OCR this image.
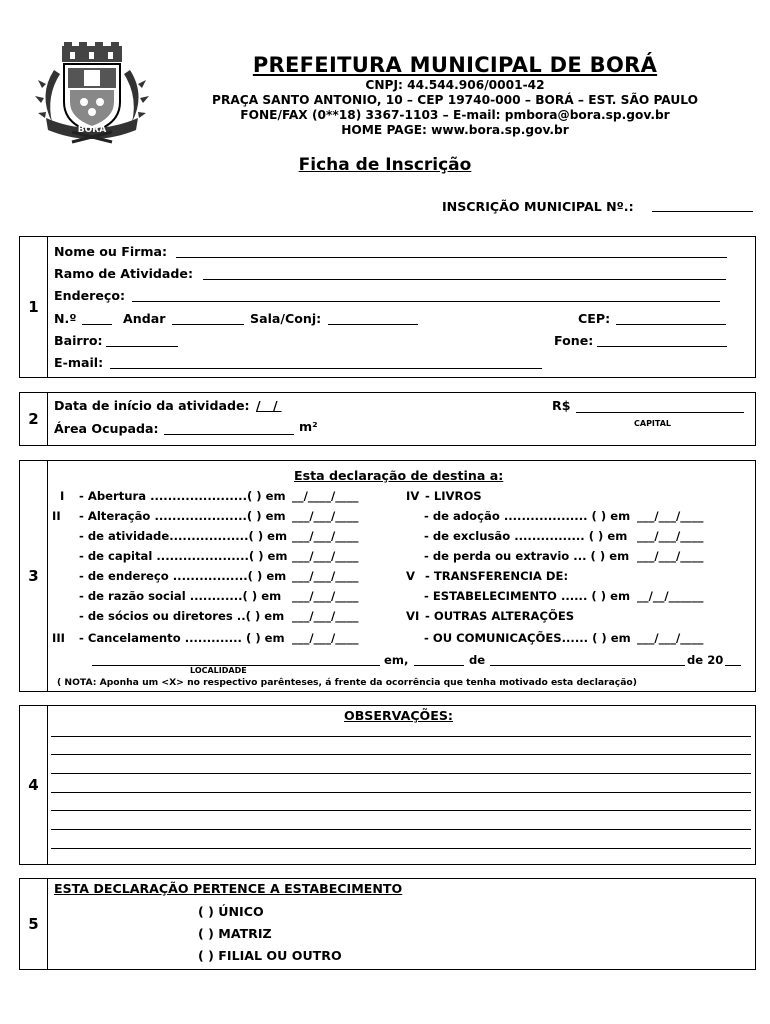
BORÁ
PREFEITURA MUNICIPAL DE BORÁ
CNPJ: 44.544.906/0001-42
PRAÇA SANTO ANTONIO, 10 – CEP 19740-000 – BORÁ – EST. SÃO PAULO
FONE/FAX (0**18) 3367-1103 – E-mail: pmbora@bora.sp.gov.br
HOME PAGE: www.bora.sp.gov.br
Ficha de Inscrição
INSCRIÇÃO MUNICIPAL Nº.:
1
Nome ou Firma:
Ramo de Atividade:
Endereço:
N.º	Andar	Sala/Conj:	CEP:
Bairro:	Fone:
E-mail:
2
Data de início da atividade: / /	R$
CAPITAL
Área Ocupada:	m²
3
Esta declaração de destina a:
I - Abertura ......................( ) em __/____/____
II - Alteração .....................( ) em ___/___/____
- de atividade..................( ) em ___/___/____
- de capital .....................( ) em ___/___/____
- de endereço .................( ) em ___/___/____
- de razão social ............( ) em ___/___/____
- de sócios ou diretores ..( ) em ___/___/____
III - Cancelamento ............. ( ) em ___/___/____
IV - LIVROS
- de adoção ................... ( ) em ___/___/____
- de exclusão ................ ( ) em ___/___/____
- de perda ou extravio ... ( ) em ___/___/____
V - TRANSFERENCIA DE:
- ESTABELECIMENTO ...... ( ) em __/__/______
VI - OUTRAS ALTERAÇÕES
- OU COMUNICAÇÕES...... ( ) em ___/___/____
LOCALIDADE
em,	de	de 20
( NOTA: Aponha um <X> no respectivo parênteses, á frente da ocorrência que tenha motivado esta declaração)
4
OBSERVAÇÕES:
5
ESTA DECLARAÇÃO PERTENCE A ESTABECIMENTO
( ) ÚNICO
( ) MATRIZ
( ) FILIAL OU OUTRO
